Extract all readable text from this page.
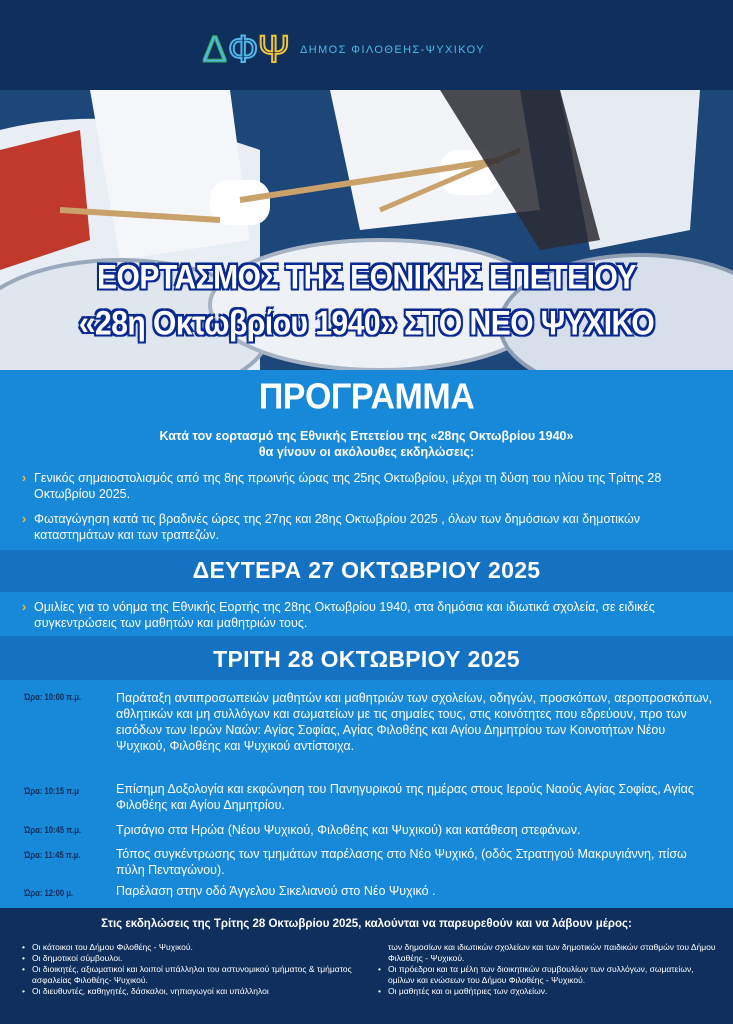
Δ Φ Ψ ΔΗΜΟΣ ΦΙΛΟΘΕΗΣ-ΨΥΧΙΚΟΥ
ΕΟΡΤΑΣΜΟΣ ΤΗΣ ΕΘΝΙΚΗΣ ΕΠΕΤΕΙΟΥ
«28η Οκτωβρίου 1940» ΣΤΟ ΝΕΟ ΨΥΧΙΚΟ
ΠΡΟΓΡΑΜΜΑ
Κατά τον εορτασμό της Εθνικής Επετείου της «28ης Οκτωβρίου 1940»
θα γίνουν οι ακόλουθες εκδηλώσεις:
› Γενικός σημαιοστολισμός από της 8ης πρωινής ώρας της 25ης Οκτωβρίου, μέχρι τη δύση του ηλίου της Τρίτης 28 Οκτωβρίου 2025.
› Φωταγώγηση κατά τις βραδινές ώρες της 27ης και 28ης Οκτωβρίου 2025 , όλων των δημόσιων και δημοτικών καταστημάτων και των τραπεζών.
ΔΕΥΤΕΡΑ 27 ΟΚΤΩΒΡΙΟΥ 2025
› Ομιλίες για το νόημα της Εθνικής Εορτής της 28ης Οκτωβρίου 1940, στα δημόσια και ιδιωτικά σχολεία, σε ειδικές συγκεντρώσεις των μαθητών και μαθητριών τους.
ΤΡΙΤΗ 28 ΟΚΤΩΒΡΙΟΥ 2025
Ώρα: 10:00 π.μ.	Παράταξη αντιπροσωπειών μαθητών και μαθητριών των σχολείων, οδηγών, προσκόπων, αεροπροσκόπων, αθλητικών και μη συλλόγων και σωματείων με τις σημαίες τους, στις κοινότητες που εδρεύουν, προ των εισόδων των Ιερών Ναών: Αγίας Σοφίας, Αγίας Φιλοθέης και Αγίου Δημητρίου των Κοινοτήτων Νέου Ψυχικού, Φιλοθέης και Ψυχικού αντίστοιχα.
Ώρα: 10:15 π.μ	Επίσημη Δοξολογία και εκφώνηση του Πανηγυρικού της ημέρας στους Ιερούς Ναούς Αγίας Σοφίας, Αγίας Φιλοθέης και Αγίου Δημητρίου.
Ώρα: 10:45 π.μ.	Τρισάγιο στα Ηρώα (Νέου Ψυχικού, Φιλοθέης και Ψυχικού) και κατάθεση στεφάνων.
Ώρα: 11:45 π.μ.	Τόπος συγκέντρωσης των τμημάτων παρέλασης στο Νέο Ψυχικό, (οδός Στρατηγού Μακρυγιάννη, πίσω πύλη Πενταγώνου).
Ώρα: 12:00 μ.	Παρέλαση στην οδό Άγγελου Σικελιανού στο Νέο Ψυχικό .
Στις εκδηλώσεις της Τρίτης 28 Οκτωβρίου 2025, καλούνται να παρευρεθούν και να λάβουν μέρος:
• Οι κάτοικοι του Δήμου Φιλοθέης - Ψυχικού.
• Οι δημοτικοί σύμβουλοι.
• Οι διοικητές, αξιωματικοί και λοιποί υπάλληλοι του αστυνομικού τμήματος & τμήματος ασφαλείας Φιλοθέης- Ψυχικού.
• Οι διευθυντές, καθηγητές, δάσκαλοι, νηπιαγωγοί και υπάλληλοι
των δημοσίων και ιδιωτικών σχολείων και των δημοτικών παιδικών σταθμών του Δήμου Φιλοθέης - Ψυχικού.
• Οι πρόεδροι και τα μέλη των διοικητικών συμβουλίων των συλλόγων, σωματείων, ομίλων και ενώσεων του Δήμου Φιλοθέης - Ψυχικού.
• Οι μαθητές και οι μαθήτριες των σχολείων.
